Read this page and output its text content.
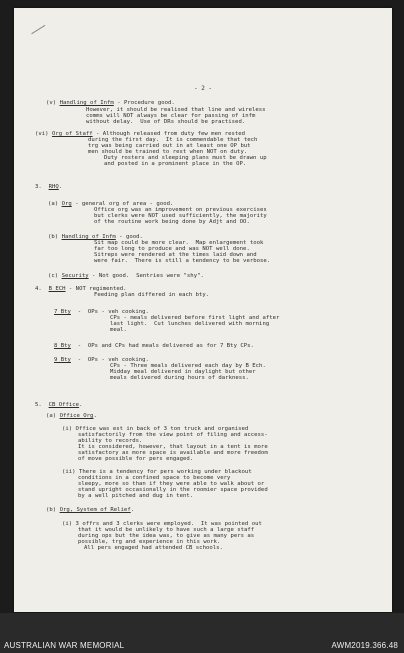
- 2 -
(v) Handling of Infm - Procedure good.
However, it should be realised that line and wireless
comms will NOT always be clear for passing of infm
without delay.  Use of DRs should be practised.
(vi) Org of Staff - Although released from duty few men rested
during the first day.  It is commendable that tech
trg was being carried out in at least one OP but
men should be trained to rest when NOT on duty.
Duty rosters and sleeping plans must be drawn up
and posted in a prominent place in the OP.
3.  RHQ.
(a) Org - general org of area - good.
Office org was an improvement on previous exercises
but clerks were NOT used sufficiently, the majority
of the routine work being done by Adjt and OO.
(b) Handling of Infm - good.
Sit map could be more clear.  Map enlargement took
far too long to produce and was NOT well done.
Sitreps were rendered at the times laid down and
were fair.  There is still a tendency to be verbose.
(c) Security - Not good.  Sentries were "shy".
4.  B ECH - NOT regimented.
Feeding plan differed in each bty.
7 Bty  -  OPs - veh cooking.
CPs - meals delivered before first light and after
last light.  Cut lunches delivered with morning
meal.
8 Bty  -  OPs and CPs had meals delivered as for 7 Bty CPs.
9 Bty  -  OPs - veh cooking.
CPs - Three meals delivered each day by B Ech.
Midday meal delivered in daylight but other
meals delivered during hours of darkness.
5.  CB Office.
(a) Office Org.
(i) Office was est in back of 3 ton truck and organised
satisfactorily from the view point of filing and access-
ability to records.
It is considered, however, that layout in a tent is more
satisfactory as more space is available and more freedom
of move possible for pers engaged.
(ii) There is a tendency for pers working under blackout
conditions in a confined space to become very
sleepy, more so than if they were able to walk about or
stand upright occasionally in the roomier space provided
by a well pitched and dug in tent.
(b) Org, System of Relief.
(i) 3 offrs and 3 clerks were employed.  It was pointed out
that it would be unlikely to have such a large staff
during ops but the idea was, to give as many pers as
possible, trg and experience in this work.
All pers engaged had attended CB schools.
AUSTRALIAN WAR MEMORIAL	AWM2019.366.48
